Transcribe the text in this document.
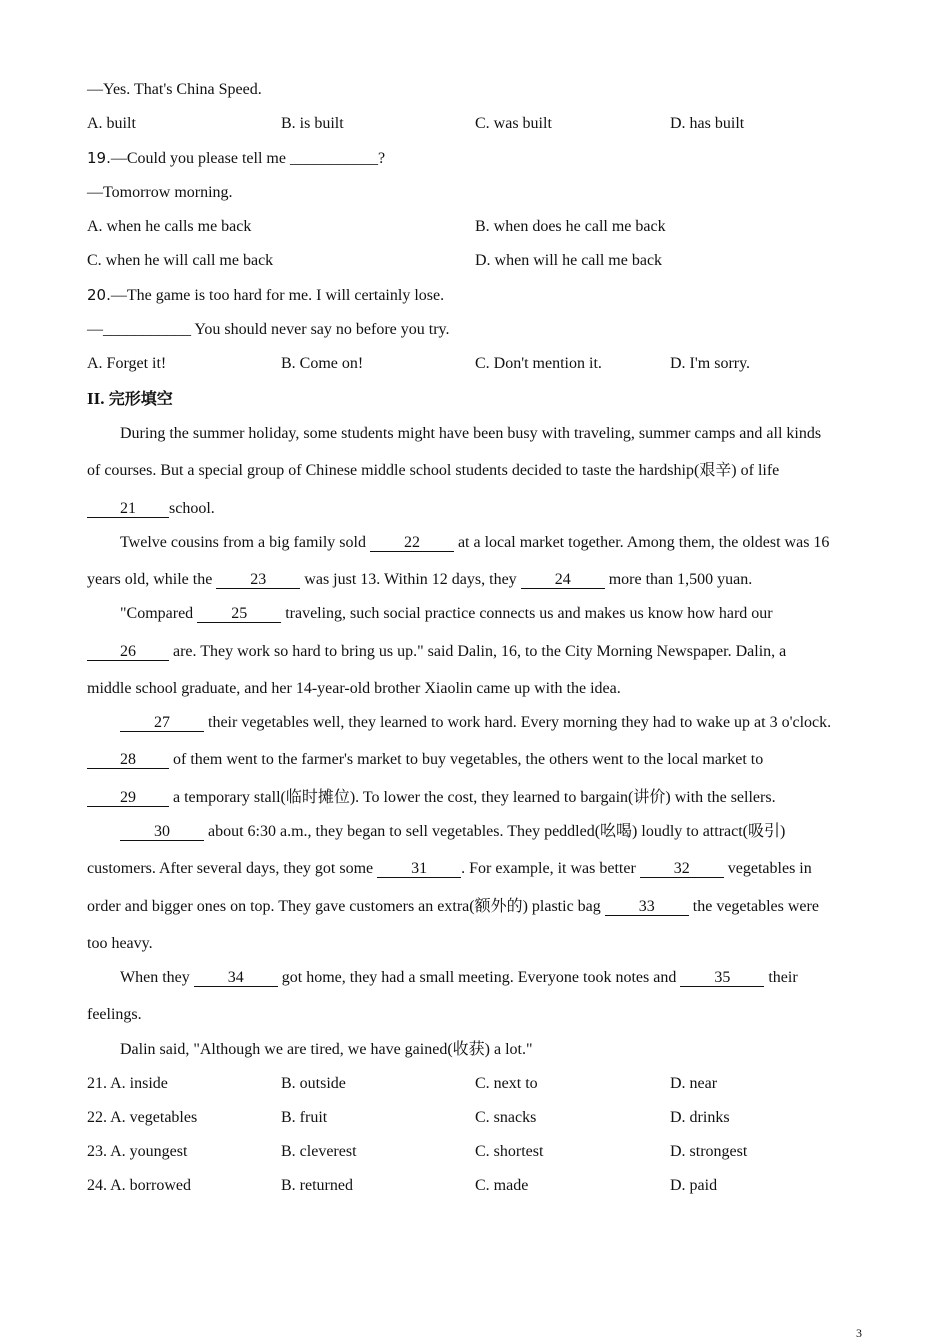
—Yes. That's China Speed.
A. built	B. is built	C. was built	D. has built
19.—Could you please tell me ___________?
—Tomorrow morning.
A. when he calls me back	B. when does he call me back
C. when he will call me back	D. when will he call me back
20.—The game is too hard for me. I will certainly lose.
—___________ You should never say no before you try.
A. Forget it!	B. Come on!	C. Don't mention it.	D. I'm sorry.
II. 完形填空
During the summer holiday, some students might have been busy with traveling, summer camps and all kinds
of courses. But a special group of Chinese middle school students decided to taste the hardship(艰辛) of life
21 school.
Twelve cousins from a big family sold 22 at a local market together. Among them, the oldest was 16
years old, while the 23 was just 13. Within 12 days, they 24 more than 1,500 yuan.
"Compared 25 traveling, such social practice connects us and makes us know how hard our
26 are. They work so hard to bring us up." said Dalin, 16, to the City Morning Newspaper. Dalin, a
middle school graduate, and her 14-year-old brother Xiaolin came up with the idea.
27 their vegetables well, they learned to work hard. Every morning they had to wake up at 3 o'clock.
28 of them went to the farmer's market to buy vegetables, the others went to the local market to
29 a temporary stall(临时摊位). To lower the cost, they learned to bargain(讲价) with the sellers.
30 about 6:30 a.m., they began to sell vegetables. They peddled(吆喝) loudly to attract(吸引)
customers. After several days, they got some 31 . For example, it was better 32 vegetables in
order and bigger ones on top. They gave customers an extra(额外的) plastic bag 33 the vegetables were
too heavy.
When they 34 got home, they had a small meeting. Everyone took notes and 35 their
feelings.
Dalin said, "Although we are tired, we have gained(收获) a lot."
21. A. inside	B. outside	C. next to	D. near
22. A. vegetables	B. fruit	C. snacks	D. drinks
23. A. youngest	B. cleverest	C. shortest	D. strongest
24. A. borrowed	B. returned	C. made	D. paid
3
